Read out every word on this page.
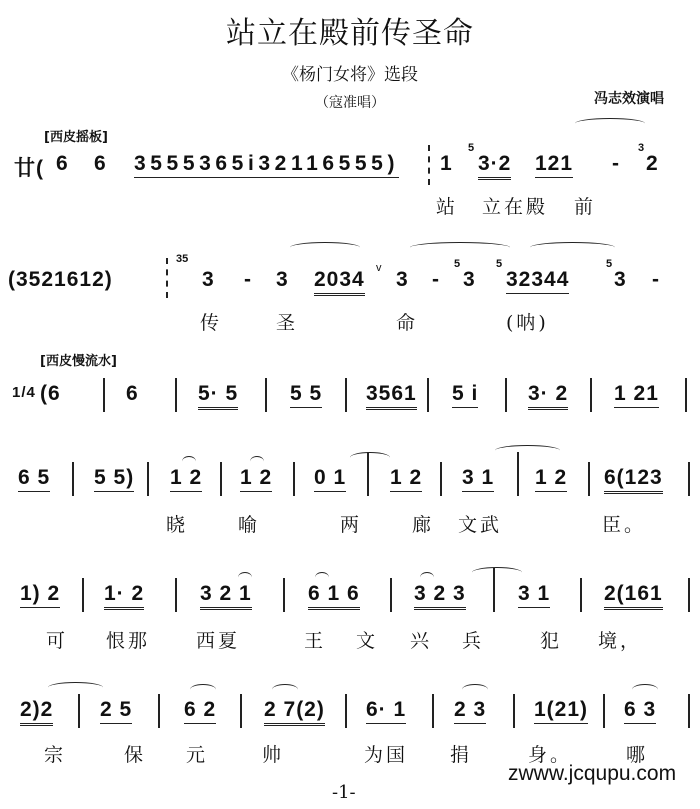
站立在殿前传圣命
《杨门女将》选段
（寇准唱）	冯志效演唱
[西皮摇板]
廿( 6 6 3555365i32116555) 1
5
3·2 121 -
3
2
站 立在殿 前
(3521612)
35
3 - 3 2034 v 3 -
5
3
5
32344
5
3 -
传	圣	命	(呐)
[西皮慢流水]
1/4 (6	6	5· 5 5 5 3561 5 i 3· 2 1 21
6 5 5 5) 1 2 1 2 0 1 1 2 3 1 1 2 6(123
晓	喻	两	廊 文武	臣。
1) 2 1· 2	3 2 1	6 1 6	3 2 3 3 1	2(161
可 恨那 西夏	王 文 兴 兵	犯 境，
2)2 2 5 6 2 2 7(2) 6· 1 2 3 1(21) 6 3
宗	保 元	帅	为国 捐	身。	哪
-1-
zwww.jcqupu.com
